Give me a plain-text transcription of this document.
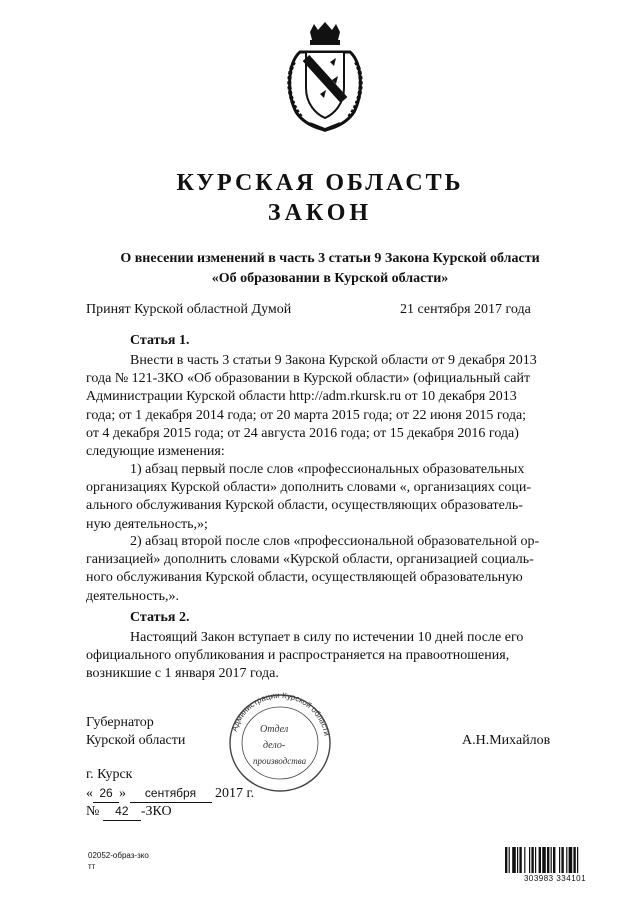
КУРСКАЯ ОБЛАСТЬ
ЗАКОН
О внесении изменений в часть 3 статьи 9 Закона Курской области
«Об образовании в Курской области»
Принят Курской областной Думой	21 сентября 2017 года
Статья 1.
Внести в часть 3 статьи 9 Закона Курской области от 9 декабря 2013
года № 121-ЗКО «Об образовании в Курской области» (официальный сайт
Администрации Курской области http://adm.rkursk.ru от 10 декабря 2013
года; от 1 декабря 2014 года; от 20 марта 2015 года; от 22 июня 2015 года;
от 4 декабря 2015 года; от 24 августа 2016 года; от 15 декабря 2016 года)
следующие изменения:
1) абзац первый после слов «профессиональных образовательных
организациях Курской области» дополнить словами «, организациях соци-
ального обслуживания Курской области, осуществляющих образователь-
ную деятельность,»;
2) абзац второй после слов «профессиональной образовательной ор-
ганизацией» дополнить словами «Курской области, организацией социаль-
ного обслуживания Курской области, осуществляющей образовательную
деятельность,».
Статья 2.
Настоящий Закон вступает в силу по истечении 10 дней после его
официального опубликования и распространяется на правоотношения,
возникшие с 1 января 2017 года.
Губернатор
Курской области	А.Н.Михайлов
Администрации Курской области
Отдел
дело-
производства
г. Курск
« 26 » сентября 2017 г.
№ 42 -ЗКО
02052-образ-зко
тт
303983 334101
